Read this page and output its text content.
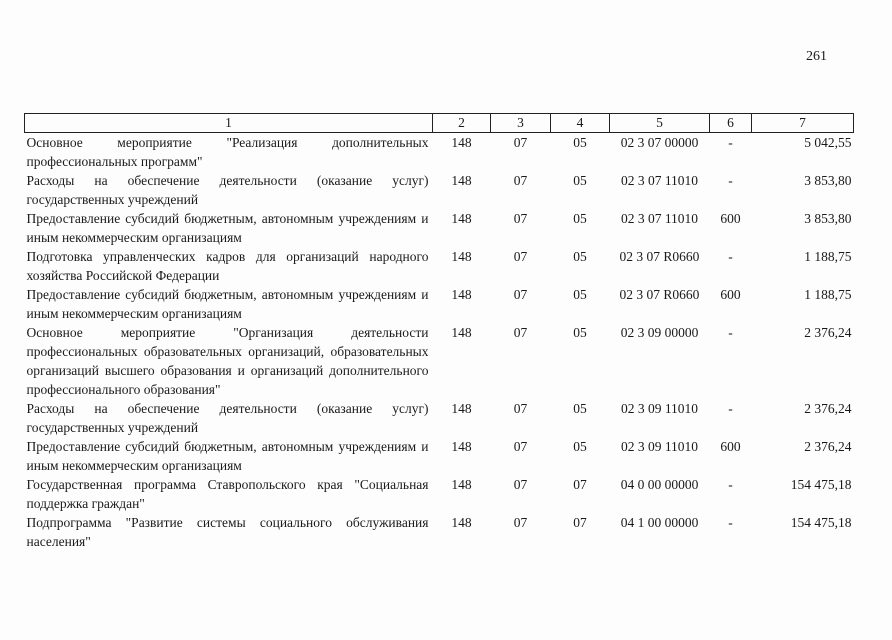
261
1	2	3	4	5	6	7
Основное мероприятие "Реализация дополнительных профессиональных программ"	148	07	05	02 3 07 00000	-	5 042,55
Расходы на обеспечение деятельности (оказание услуг) государственных учреждений	148	07	05	02 3 07 11010	-	3 853,80
Предоставление субсидий бюджетным, автономным учреждениям и иным некоммерческим организациям	148	07	05	02 3 07 11010	600	3 853,80
Подготовка управленческих кадров для организаций народного хозяйства Российской Федерации	148	07	05	02 3 07 R0660	-	1 188,75
Предоставление субсидий бюджетным, автономным учреждениям и иным некоммерческим организациям	148	07	05	02 3 07 R0660	600	1 188,75
Основное мероприятие "Организация деятельности профессиональных образовательных организаций, образовательных организаций высшего образования и организаций дополнительного профессионального образования"	148	07	05	02 3 09 00000	-	2 376,24
Расходы на обеспечение деятельности (оказание услуг) государственных учреждений	148	07	05	02 3 09 11010	-	2 376,24
Предоставление субсидий бюджетным, автономным учреждениям и иным некоммерческим организациям	148	07	05	02 3 09 11010	600	2 376,24
Государственная программа Ставропольского края "Социальная поддержка граждан"	148	07	07	04 0 00 00000	-	154 475,18
Подпрограмма "Развитие системы социального обслуживания населения"	148	07	07	04 1 00 00000	-	154 475,18
